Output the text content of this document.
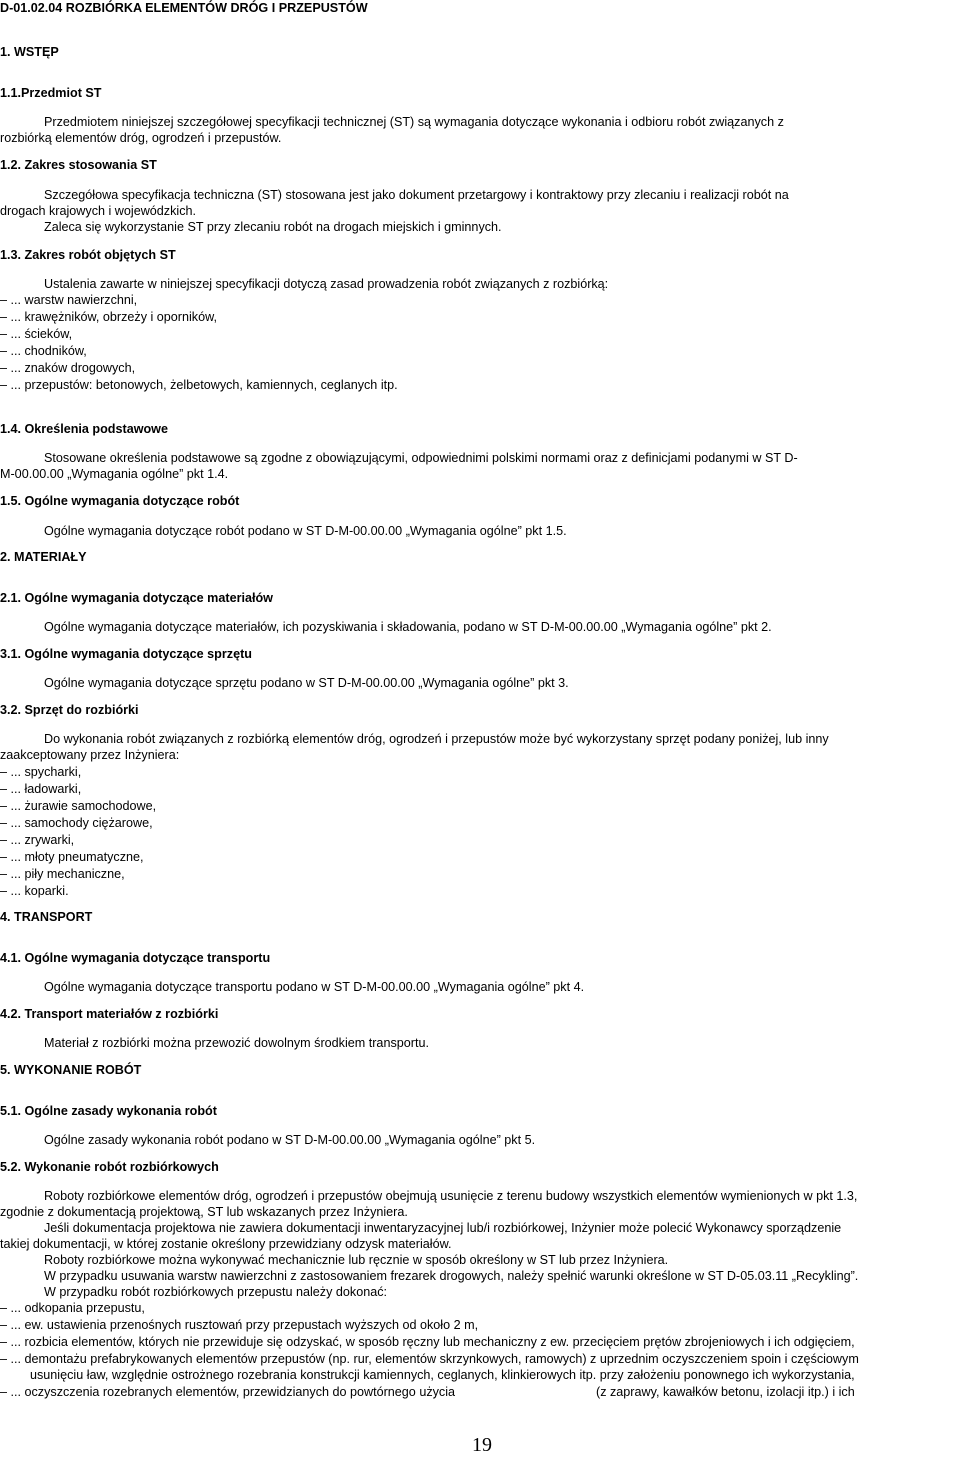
D-01.02.04 ROZBIÓRKA ELEMENTÓW DRÓG I PRZEPUSTÓW
1. WSTĘP
1.1.Przedmiot ST
Przedmiotem niniejszej szczegółowej specyfikacji technicznej (ST) są wymagania dotyczące wykonania i odbioru robót związanych z
rozbiórką elementów dróg, ogrodzeń i przepustów.
1.2. Zakres stosowania ST
Szczegółowa specyfikacja techniczna (ST) stosowana jest jako dokument przetargowy i kontraktowy przy zlecaniu i realizacji robót na
drogach krajowych i wojewódzkich.
Zaleca się wykorzystanie ST przy zlecaniu robót na drogach miejskich i gminnych.
1.3. Zakres robót objętych ST
Ustalenia zawarte w niniejszej specyfikacji dotyczą zasad prowadzenia robót związanych z rozbiórką:
– ... warstw nawierzchni,
– ... krawężników, obrzeży i oporników,
– ... ścieków,
– ... chodników,
– ... znaków drogowych,
– ... przepustów: betonowych, żelbetowych, kamiennych, ceglanych itp.
1.4. Określenia podstawowe
Stosowane określenia podstawowe są zgodne z obowiązującymi, odpowiednimi polskimi normami oraz z definicjami podanymi w ST D-
M-00.00.00 „Wymagania ogólne” pkt 1.4.
1.5. Ogólne wymagania dotyczące robót
Ogólne wymagania dotyczące robót podano w ST D-M-00.00.00 „Wymagania ogólne” pkt 1.5.
2. MATERIAŁY
2.1. Ogólne wymagania dotyczące materiałów
Ogólne wymagania dotyczące materiałów, ich pozyskiwania i składowania, podano w ST D-M-00.00.00 „Wymagania ogólne” pkt 2.
3.1. Ogólne wymagania dotyczące sprzętu
Ogólne wymagania dotyczące sprzętu podano w ST D-M-00.00.00 „Wymagania ogólne” pkt 3.
3.2. Sprzęt do rozbiórki
Do wykonania robót związanych z rozbiórką elementów dróg, ogrodzeń i przepustów może być wykorzystany sprzęt podany poniżej, lub inny
zaakceptowany przez Inżyniera:
– ... spycharki,
– ... ładowarki,
– ... żurawie samochodowe,
– ... samochody ciężarowe,
– ... zrywarki,
– ... młoty pneumatyczne,
– ... piły mechaniczne,
– ... koparki.
4. TRANSPORT
4.1. Ogólne wymagania dotyczące transportu
Ogólne wymagania dotyczące transportu podano w ST D-M-00.00.00 „Wymagania ogólne” pkt 4.
4.2. Transport materiałów z rozbiórki
Materiał z rozbiórki można przewozić dowolnym środkiem transportu.
5. WYKONANIE ROBÓT
5.1. Ogólne zasady wykonania robót
Ogólne zasady wykonania robót podano w ST D-M-00.00.00 „Wymagania ogólne” pkt 5.
5.2. Wykonanie robót rozbiórkowych
Roboty rozbiórkowe elementów dróg, ogrodzeń i przepustów obejmują usunięcie z terenu budowy wszystkich elementów wymienionych w pkt 1.3,
zgodnie z dokumentacją projektową, ST lub wskazanych przez Inżyniera.
Jeśli dokumentacja projektowa nie zawiera dokumentacji inwentaryzacyjnej lub/i rozbiórkowej, Inżynier może polecić Wykonawcy sporządzenie
takiej dokumentacji, w której zostanie określony przewidziany odzysk materiałów.
Roboty rozbiórkowe można wykonywać mechanicznie lub ręcznie w sposób określony w ST lub przez Inżyniera.
W przypadku usuwania warstw nawierzchni z zastosowaniem frezarek drogowych, należy spełnić warunki określone w ST D-05.03.11 „Recykling”.
W przypadku robót rozbiórkowych przepustu należy dokonać:
– ... odkopania przepustu,
– ... ew. ustawienia przenośnych rusztowań przy przepustach wyższych od około 2 m,
– ... rozbicia elementów, których nie przewiduje się odzyskać, w sposób ręczny lub mechaniczny z ew. przecięciem prętów zbrojeniowych i ich odgięciem,
– ... demontażu prefabrykowanych elementów przepustów (np. rur, elementów skrzynkowych, ramowych) z uprzednim oczyszczeniem spoin i częściowym
usunięciu ław, względnie ostrożnego rozebrania konstrukcji kamiennych, ceglanych, klinkierowych itp. przy założeniu ponownego ich wykorzystania,
– ... oczyszczenia rozebranych elementów, przewidzianych do powtórnego użycia	(z zaprawy, kawałków betonu, izolacji itp.) i ich
19
